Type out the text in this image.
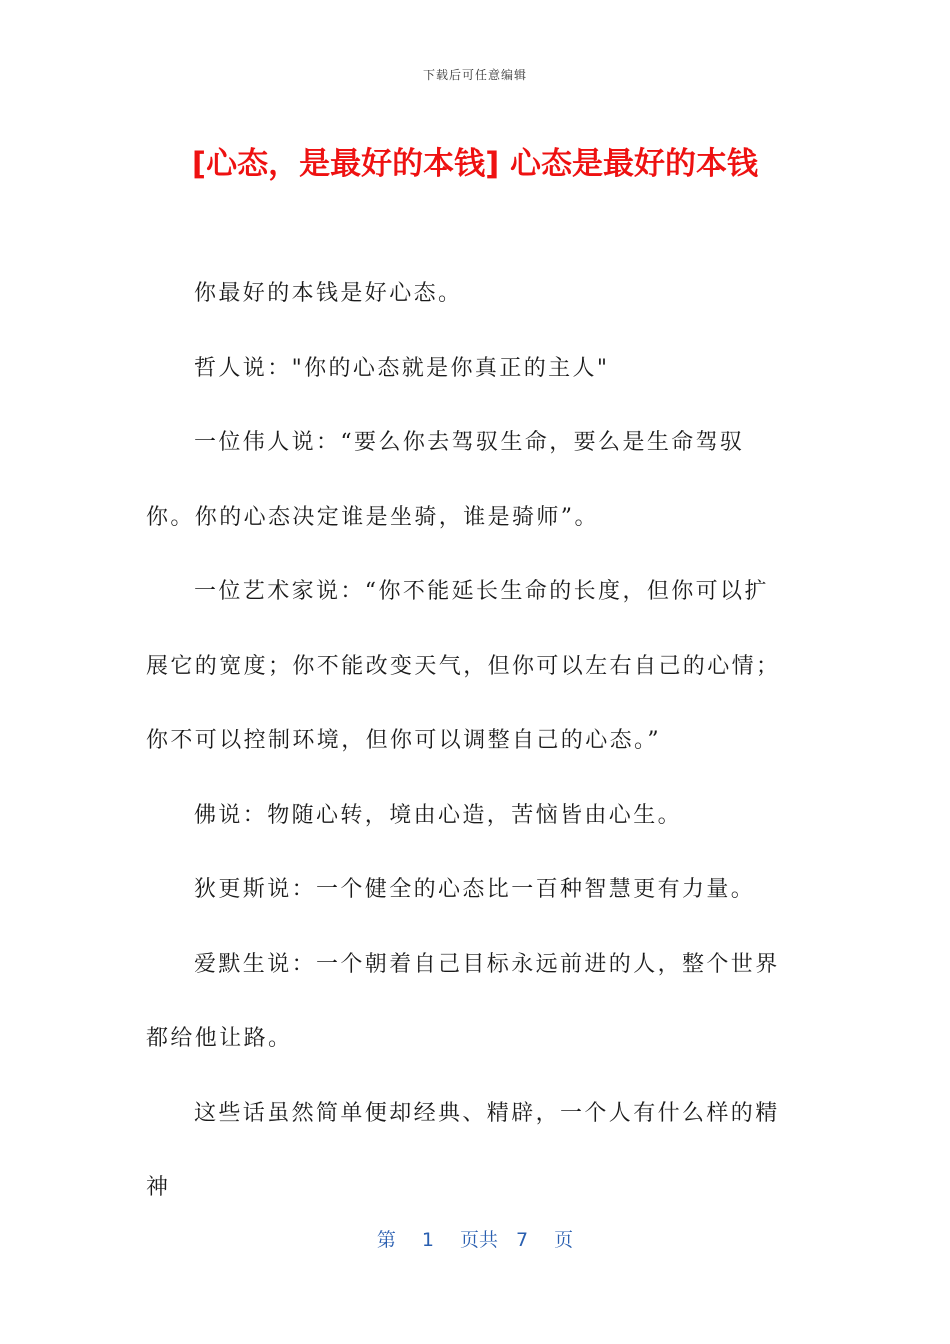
下载后可任意编辑
[心态，是最好的本钱] 心态是最好的本钱

你最好的本钱是好心态。

哲人说："你的心态就是你真正的主人"

一位伟人说：“要么你去驾驭生命，要么是生命驾驭你。你的心态决定谁是坐骑，谁是骑师”。

一位艺术家说：“你不能延长生命的长度，但你可以扩展它的宽度；你不能改变天气，但你可以左右自己的心情；你不可以控制环境，但你可以调整自己的心态。”

佛说：物随心转，境由心造，苦恼皆由心生。

狄更斯说：一个健全的心态比一百种智慧更有力量。

爱默生说：一个朝着自己目标永远前进的人，整个世界都给他让路。

这些话虽然简单便却经典、精辟，一个人有什么样的精神

第 1 页共 7 页
